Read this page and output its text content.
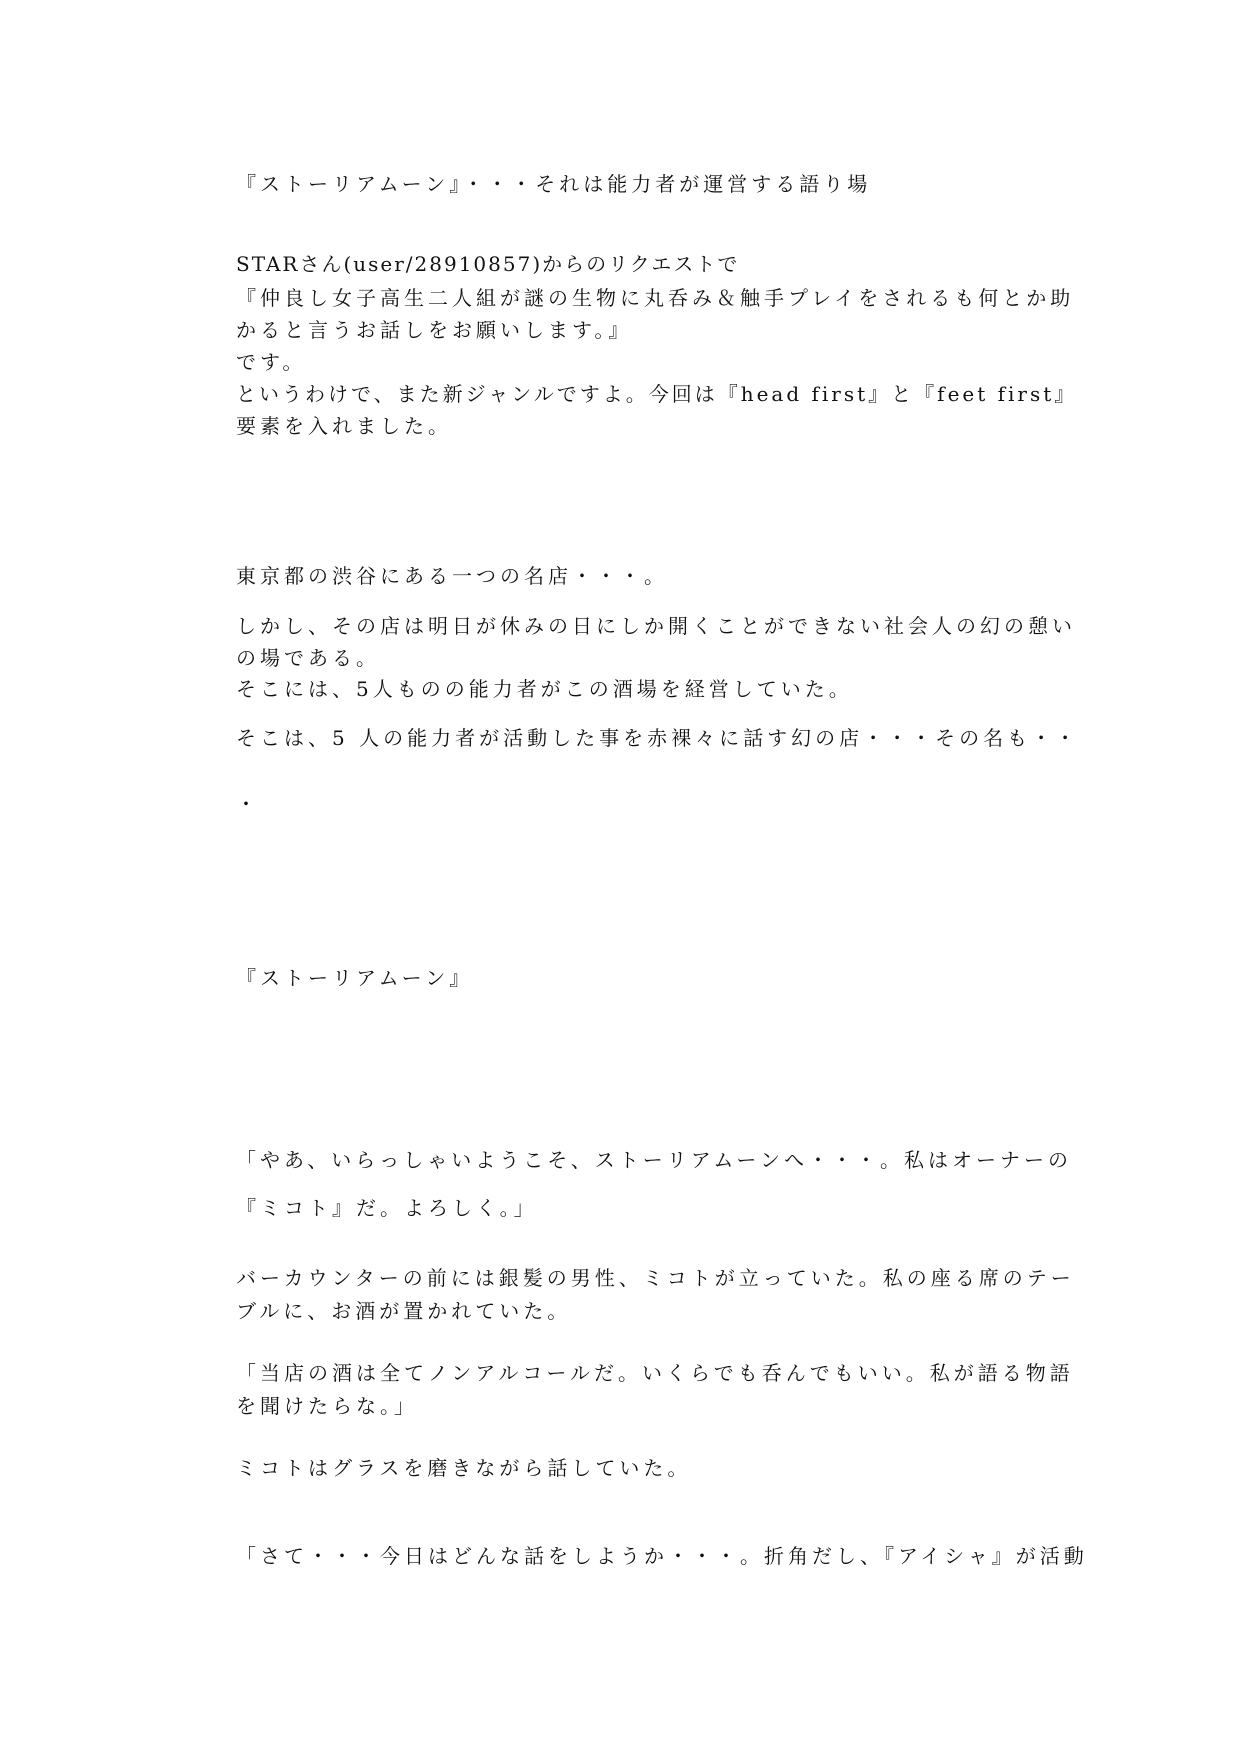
『ストーリアムーン』・・・それは能力者が運営する語り場

STARさん(user/28910857)からのリクエストで

『仲良し女子高生二人組が謎の生物に丸呑み＆触手プレイをされるも何とか助

かると言うお話しをお願いします。』

です。

というわけで、また新ジャンルですよ。今回は『head first』と『feet first』

要素を入れました。

東京都の渋谷にある一つの名店・・・。

しかし、その店は明日が休みの日にしか開くことができない社会人の幻の憩い

の場である。

そこには、5人ものの能力者がこの酒場を経営していた。

そこは、5 人の能力者が活動した事を赤裸々に話す幻の店・・・その名も・・

・

『ストーリアムーン』

「やあ、いらっしゃいようこそ、ストーリアムーンへ・・・。私はオーナーの

『ミコト』だ。よろしく。」

バーカウンターの前には銀髪の男性、ミコトが立っていた。私の座る席のテー

ブルに、お酒が置かれていた。

「当店の酒は全てノンアルコールだ。いくらでも呑んでもいい。私が語る物語

を聞けたらな。」

ミコトはグラスを磨きながら話していた。

「さて・・・今日はどんな話をしようか・・・。折角だし、『アイシャ』が活動
